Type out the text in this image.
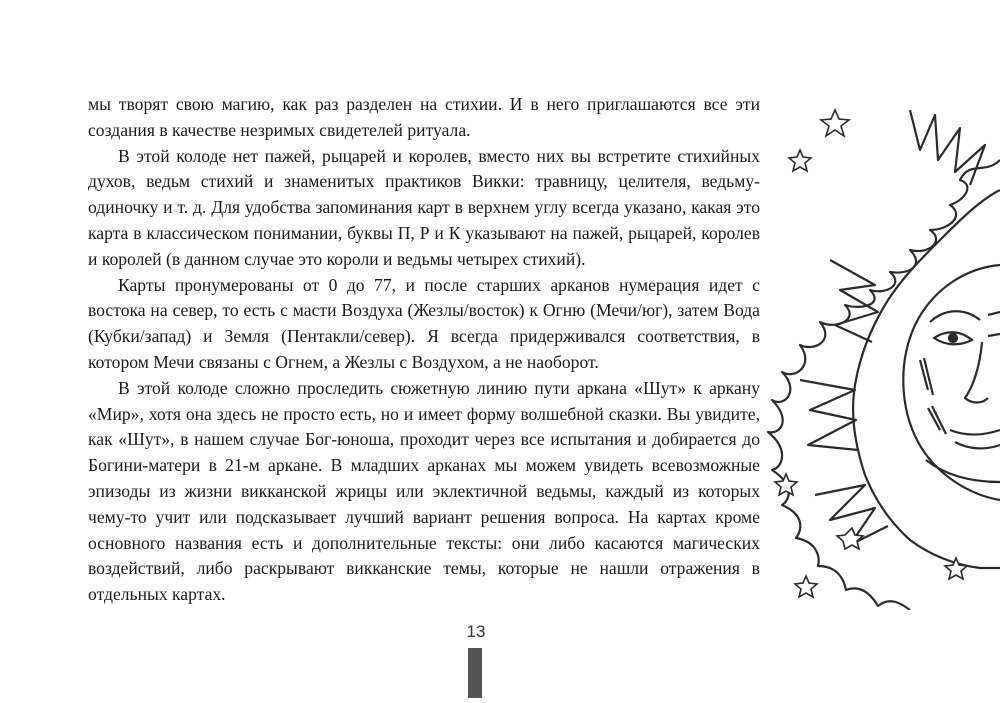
мы творят свою магию, как раз разделен на стихии. И в него приглашаются все эти создания в качестве незримых свидетелей ритуала.

В этой колоде нет пажей, рыцарей и королев, вместо них вы встретите стихийных духов, ведьм стихий и знаменитых практиков Викки: травницу, целителя, ведьму-одиночку и т. д. Для удобства запоминания карт в верхнем углу всегда указано, какая это карта в классическом понимании, буквы П, Р и К указывают на пажей, рыцарей, королев и королей (в данном случае это короли и ведьмы четырех стихий).

Карты пронумерованы от 0 до 77, и после старших арканов нумерация идет с востока на север, то есть с масти Воздуха (Жезлы/восток) к Огню (Мечи/юг), затем Вода (Кубки/запад) и Земля (Пентакли/север). Я всегда придерживался соответствия, в котором Мечи связаны с Огнем, а Жезлы с Воздухом, а не наоборот.

В этой колоде сложно проследить сюжетную линию пути аркана «Шут» к аркану «Мир», хотя она здесь не просто есть, но и имеет форму волшебной сказки. Вы увидите, как «Шут», в нашем случае Бог-юноша, проходит через все испытания и добирается до Богини-матери в 21-м аркане. В младших арканах мы можем увидеть всевозможные эпизоды из жизни викканской жрицы или эклектичной ведьмы, каждый из которых чему-то учит или подсказывает лучший вариант решения вопроса. На картах кроме основного названия есть и дополнительные тексты: они либо касаются магических воздействий, либо раскрывают викканские темы, которые не нашли отражения в отдельных картах.

13
